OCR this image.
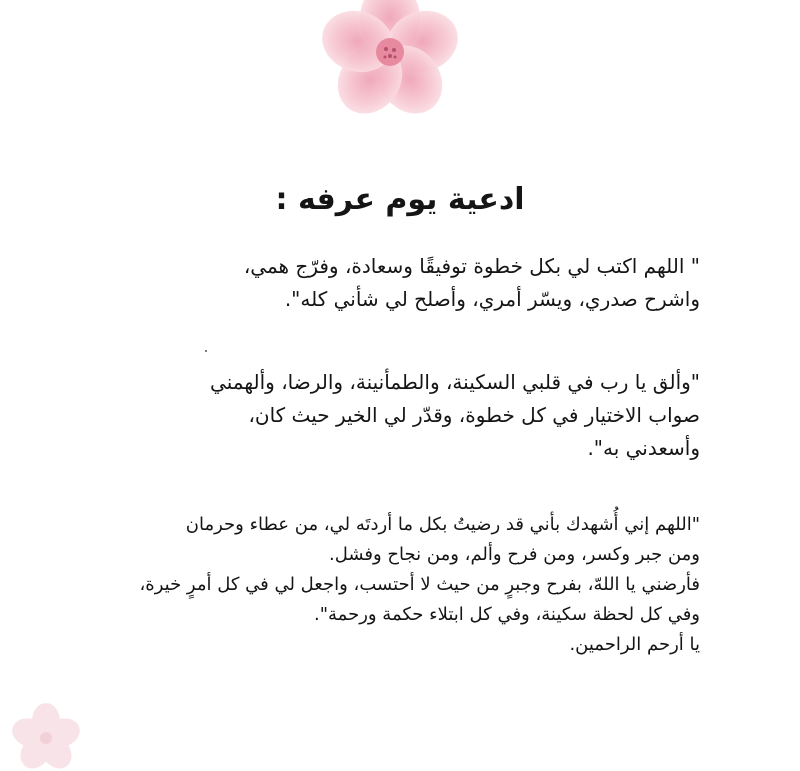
ادعية يوم عرفه :
" اللهم اكتب لي بكل خطوة توفيقًا وسعادة، وفرّج همي،
واشرح صدري، ويسّر أمري، وأصلح لي شأني كله".
"وألق يا رب في قلبي السكينة، والطمأنينة، والرضا، وألهمني
صواب الاختيار في كل خطوة، وقدّر لي الخير حيث كان،
وأسعدني به".
"اللهم إني أُشهدك بأني قد رضيتُ بكل ما أردتَه لي، من عطاء وحرمان
ومن جبر وكسر، ومن فرح وألم، ومن نجاح وفشل.
فأرضني يا اللهّ، بفرح وجبرٍ من حيث لا أحتسب، واجعل لي في كل أمرٍ خيرة،
وفي كل لحظة سكينة، وفي كل ابتلاء حكمة ورحمة".
يا أرحم الراحمين.
